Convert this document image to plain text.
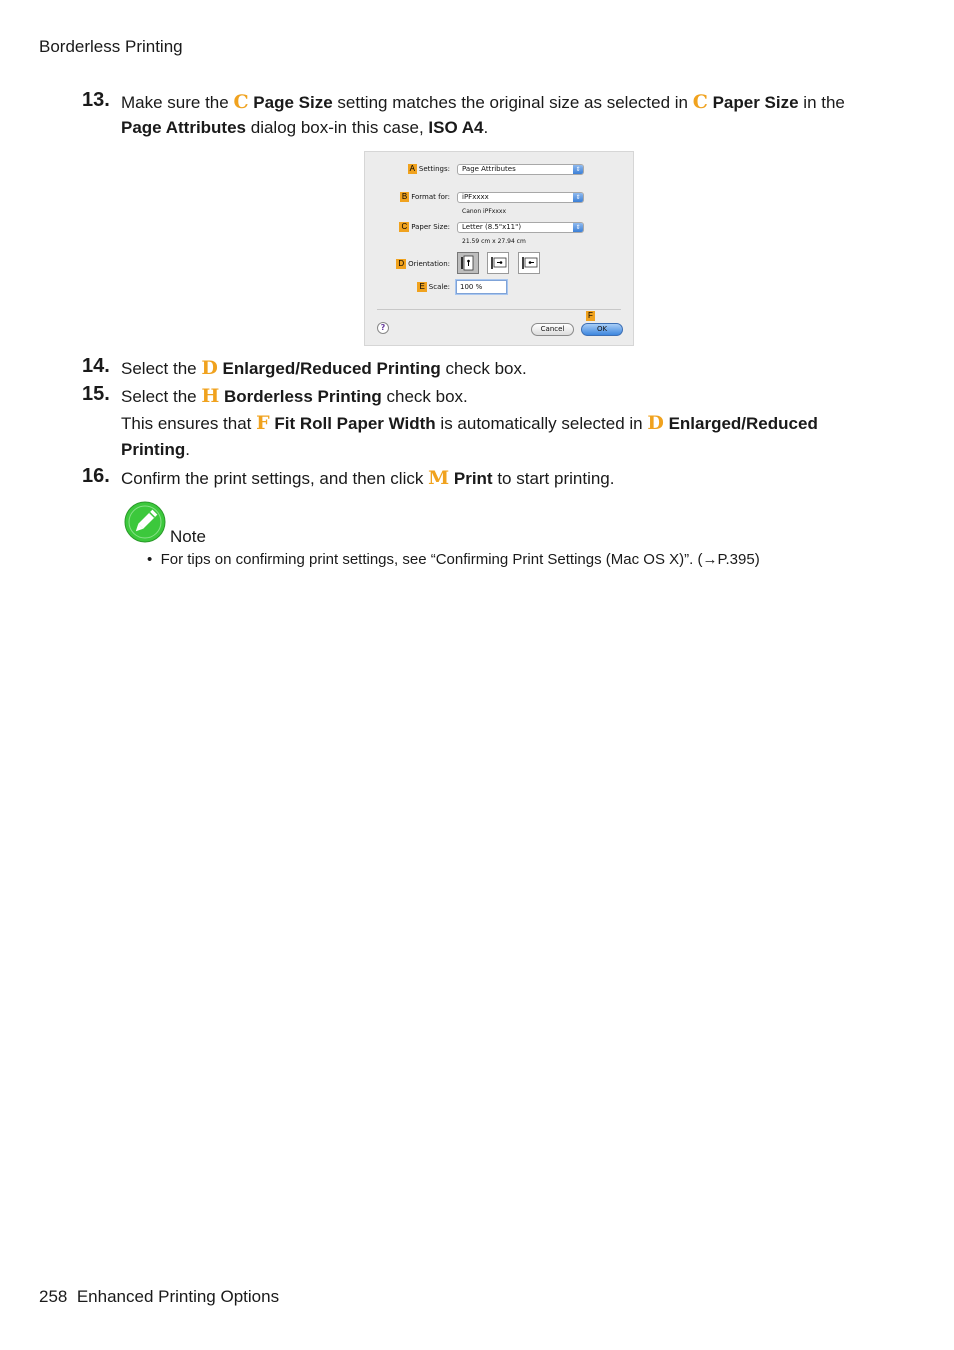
Borderless Printing
13. Make sure the C Page Size setting matches the original size as selected in C Paper Size in the
Page Attributes dialog box-in this case, ISO A4.
A Settings:	Page Attributes	⇕
B Format for:	iPFxxxx	⇕
Canon iPFxxxx
C Paper Size:	Letter (8.5"x11")	⇕
21.59 cm x 27.94 cm
D Orientation:
E Scale:	100 %
?
F
Cancel	OK
14. Select the D Enlarged/Reduced Printing check box.
15. Select the H Borderless Printing check box.
This ensures that F Fit Roll Paper Width is automatically selected in D Enlarged/Reduced
Printing.
16. Confirm the print settings, and then click M Print to start printing.
Note
•  For tips on confirming print settings, see “Confirming Print Settings (Mac OS X)”. (→P.395)
258 Enhanced Printing Options
